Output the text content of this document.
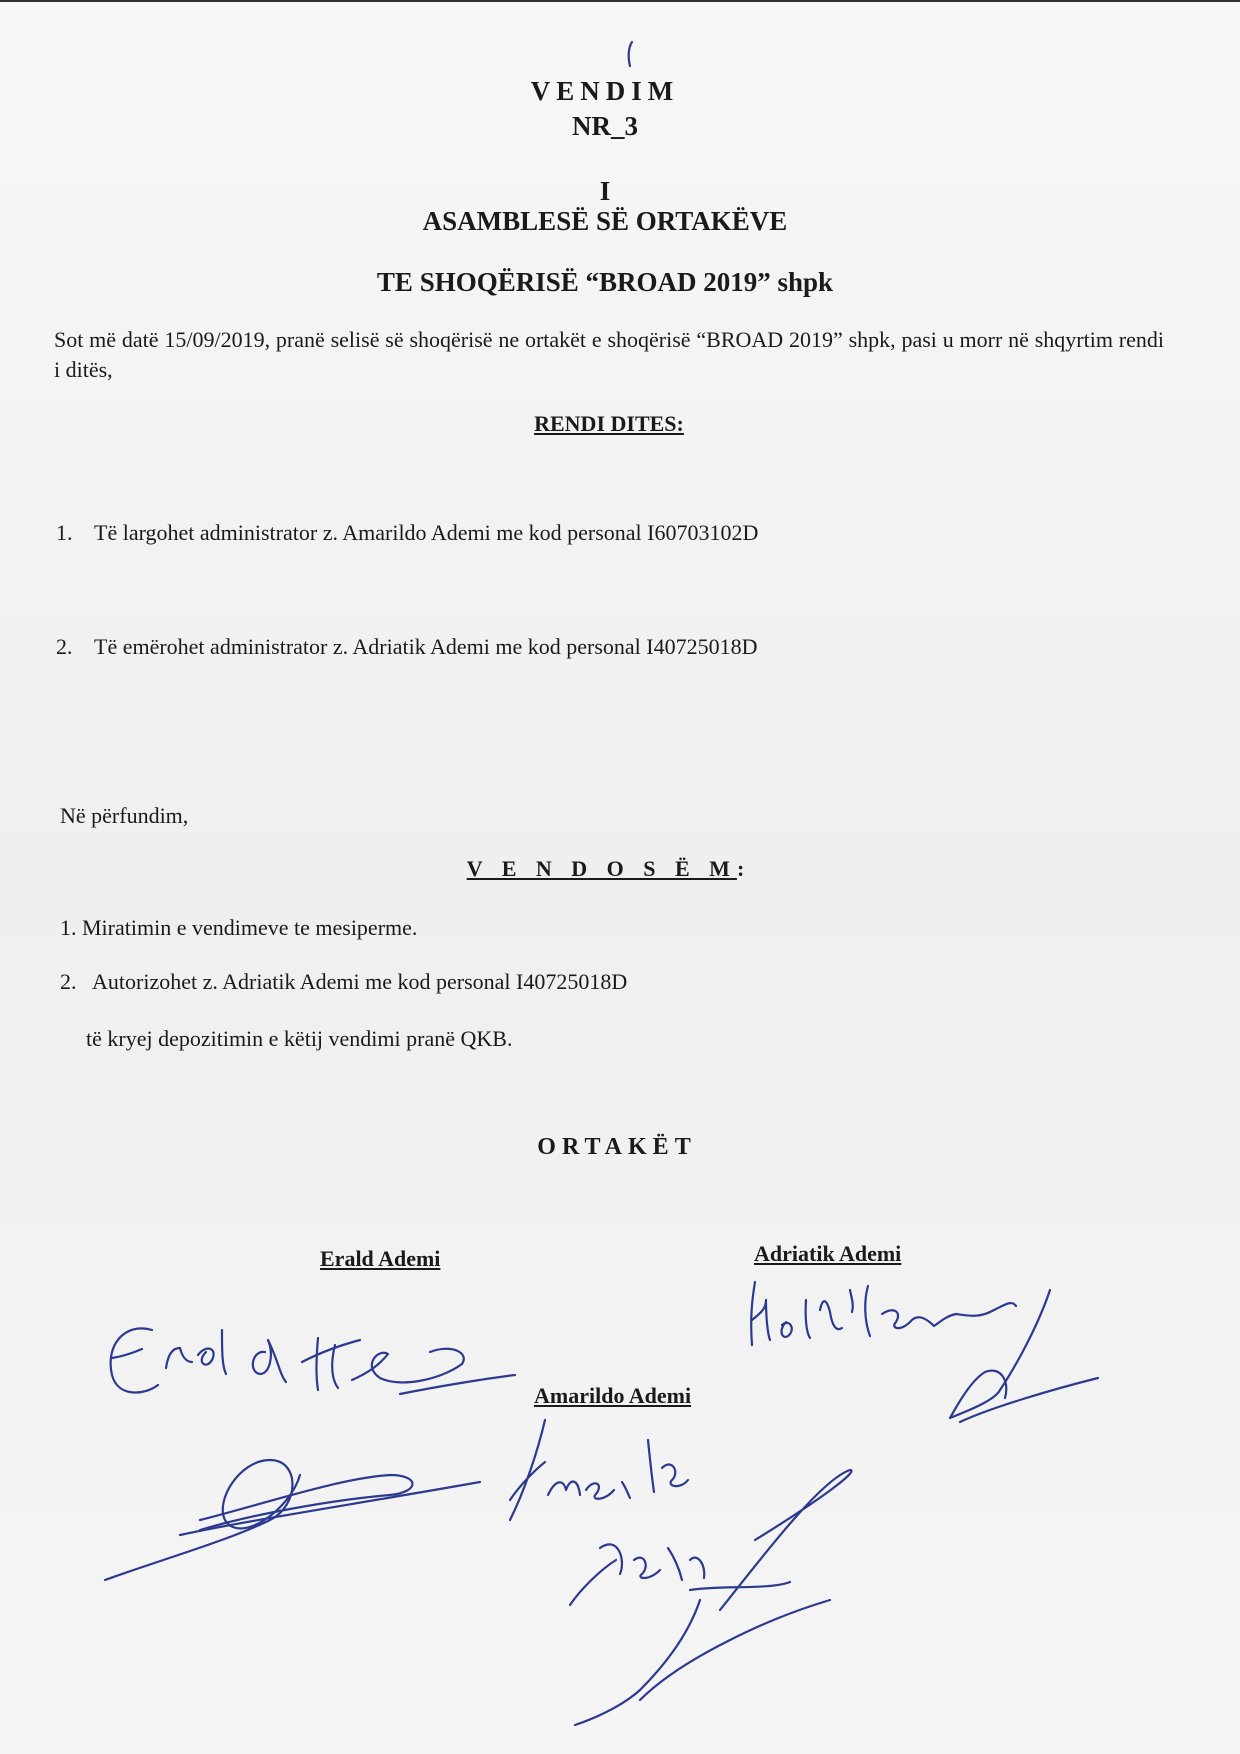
VENDIM
NR_3
I
ASAMBLESË SË ORTAKËVE
TE SHOQËRISË “BROAD 2019” shpk
Sot më datë 15/09/2019, pranë selisë së shoqërisë ne ortakët e shoqërisë “BROAD 2019” shpk, pasi u morr në shqyrtim rendi i ditës,
RENDI DITES:
1. Të largohet administrator z. Amarildo Ademi me kod personal I60703102D
2. Të emërohet administrator z. Adriatik Ademi me kod personal I40725018D
Në përfundim,
V E N D O S Ë M:
1. Miratimin e vendimeve te mesiperme.
2. Autorizohet z. Adriatik Ademi me kod personal I40725018D
të kryej depozitimin e këtij vendimi pranë QKB.
ORTAKËT
Erald Ademi	Adriatik Ademi
Amarildo Ademi
